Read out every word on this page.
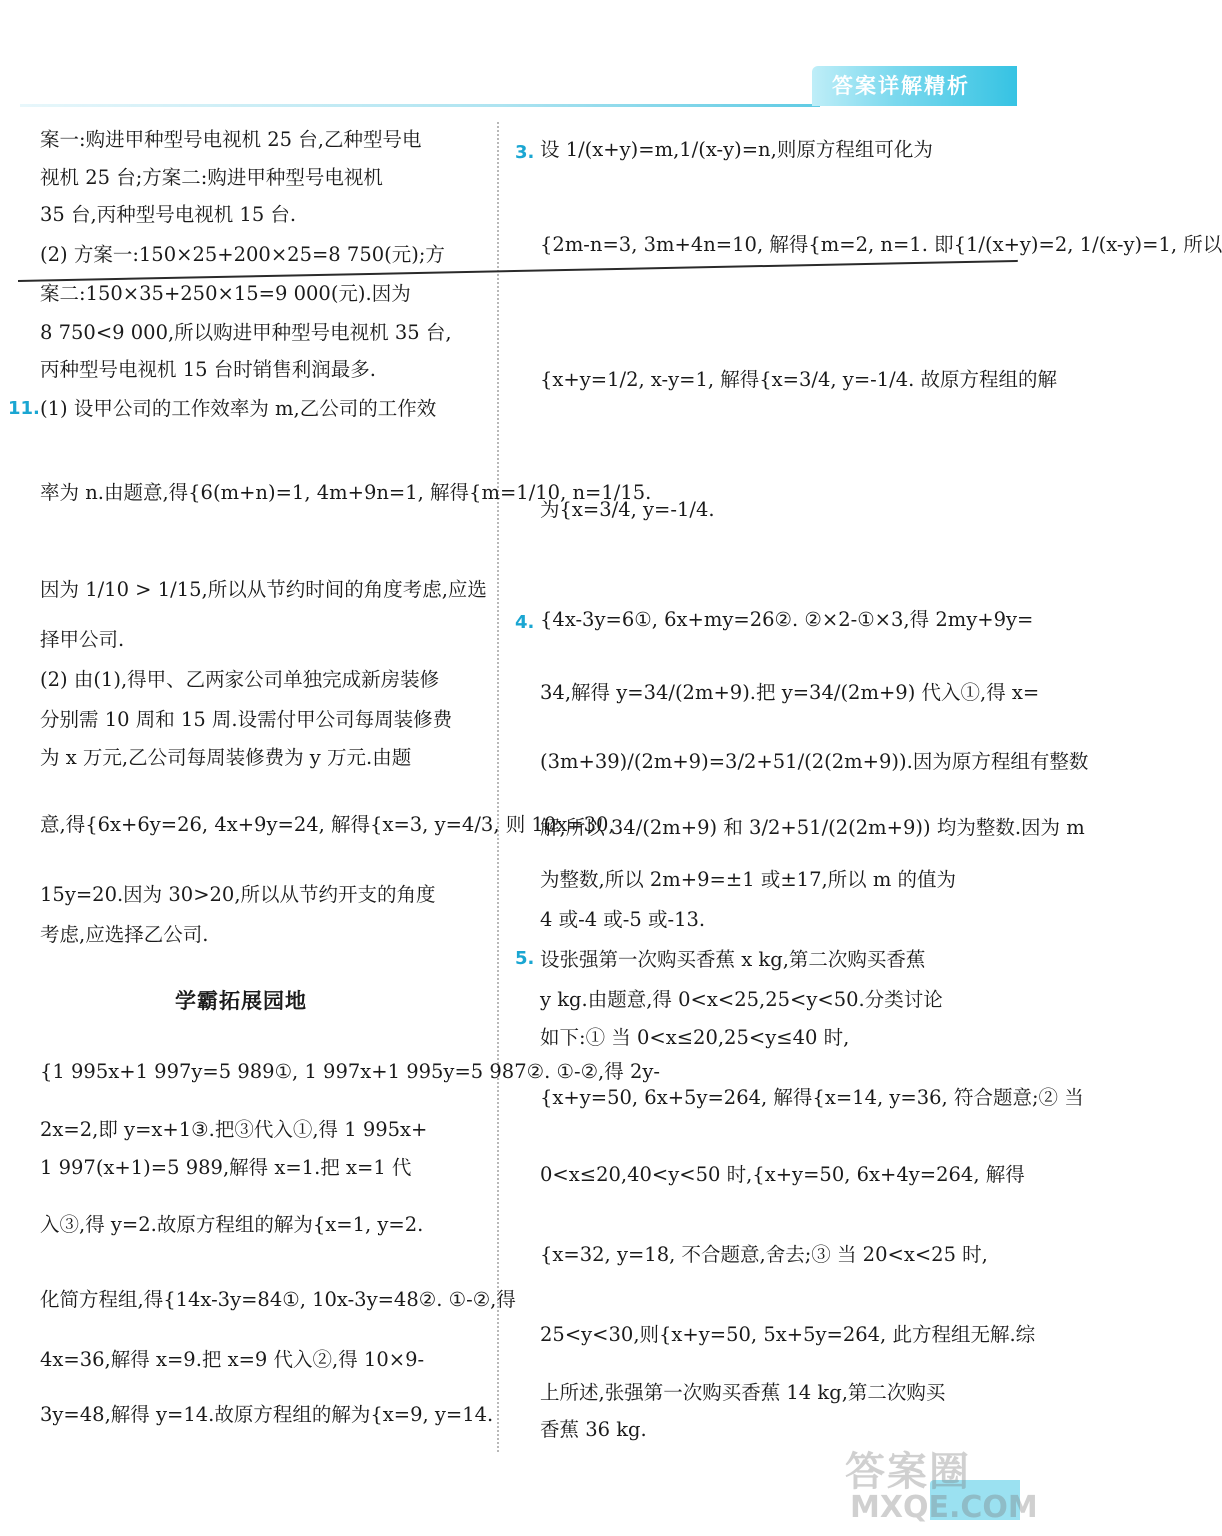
答案详解精析
案一:购进甲种型号电视机 25 台,乙种型号电
视机 25 台;方案二:购进甲种型号电视机
35 台,丙种型号电视机 15 台.
(2) 方案一:150×25+200×25=8 750(元);方
案二:150×35+250×15=9 000(元).因为
8 750<9 000,所以购进甲种型号电视机 35 台,
丙种型号电视机 15 台时销售利润最多.
(1) 设甲公司的工作效率为 m,乙公司的工作效
率为 n.由题意,得{6(m+n)=1, 4m+9n=1, 解得{m=1/10, n=1/15.
因为 1/10 > 1/15,所以从节约时间的角度考虑,应选
择甲公司.
(2) 由(1),得甲、乙两家公司单独完成新房装修
分别需 10 周和 15 周.设需付甲公司每周装修费
为 x 万元,乙公司每周装修费为 y 万元.由题
意,得{6x+6y=26, 4x+9y=24, 解得{x=3, y=4/3, 则 10x=30,
15y=20.因为 30>20,所以从节约开支的角度
考虑,应选择乙公司.
{1 995x+1 997y=5 989①, 1 997x+1 995y=5 987②. ①-②,得 2y-
2x=2,即 y=x+1③.把③代入①,得 1 995x+
1 997(x+1)=5 989,解得 x=1.把 x=1 代
入③,得 y=2.故原方程组的解为{x=1, y=2.
化简方程组,得{14x-3y=84①, 10x-3y=48②. ①-②,得
4x=36,解得 x=9.把 x=9 代入②,得 10×9-
3y=48,解得 y=14.故原方程组的解为{x=9, y=14.
11.
学霸拓展园地
3.
4.
5.
设 1/(x+y)=m,1/(x-y)=n,则原方程组可化为
{2m-n=3, 3m+4n=10, 解得{m=2, n=1. 即{1/(x+y)=2, 1/(x-y)=1, 所以
{x+y=1/2, x-y=1, 解得{x=3/4, y=-1/4. 故原方程组的解
为{x=3/4, y=-1/4.
{4x-3y=6①, 6x+my=26②. ②×2-①×3,得 2my+9y=
34,解得 y=34/(2m+9).把 y=34/(2m+9) 代入①,得 x=
(3m+39)/(2m+9)=3/2+51/(2(2m+9)).因为原方程组有整数
解,所以 34/(2m+9) 和 3/2+51/(2(2m+9)) 均为整数.因为 m
为整数,所以 2m+9=±1 或±17,所以 m 的值为
4 或-4 或-5 或-13.
设张强第一次购买香蕉 x kg,第二次购买香蕉
y kg.由题意,得 0<x<25,25<y<50.分类讨论
如下:① 当 0<x≤20,25<y≤40 时,
{x+y=50, 6x+5y=264, 解得{x=14, y=36, 符合题意;② 当
0<x≤20,40<y<50 时,{x+y=50, 6x+4y=264, 解得
{x=32, y=18, 不合题意,舍去;③ 当 20<x<25 时,
25<y<30,则{x+y=50, 5x+5y=264, 此方程组无解.综
上所述,张强第一次购买香蕉 14 kg,第二次购买
香蕉 36 kg.
答案圈
MXQE.COM
